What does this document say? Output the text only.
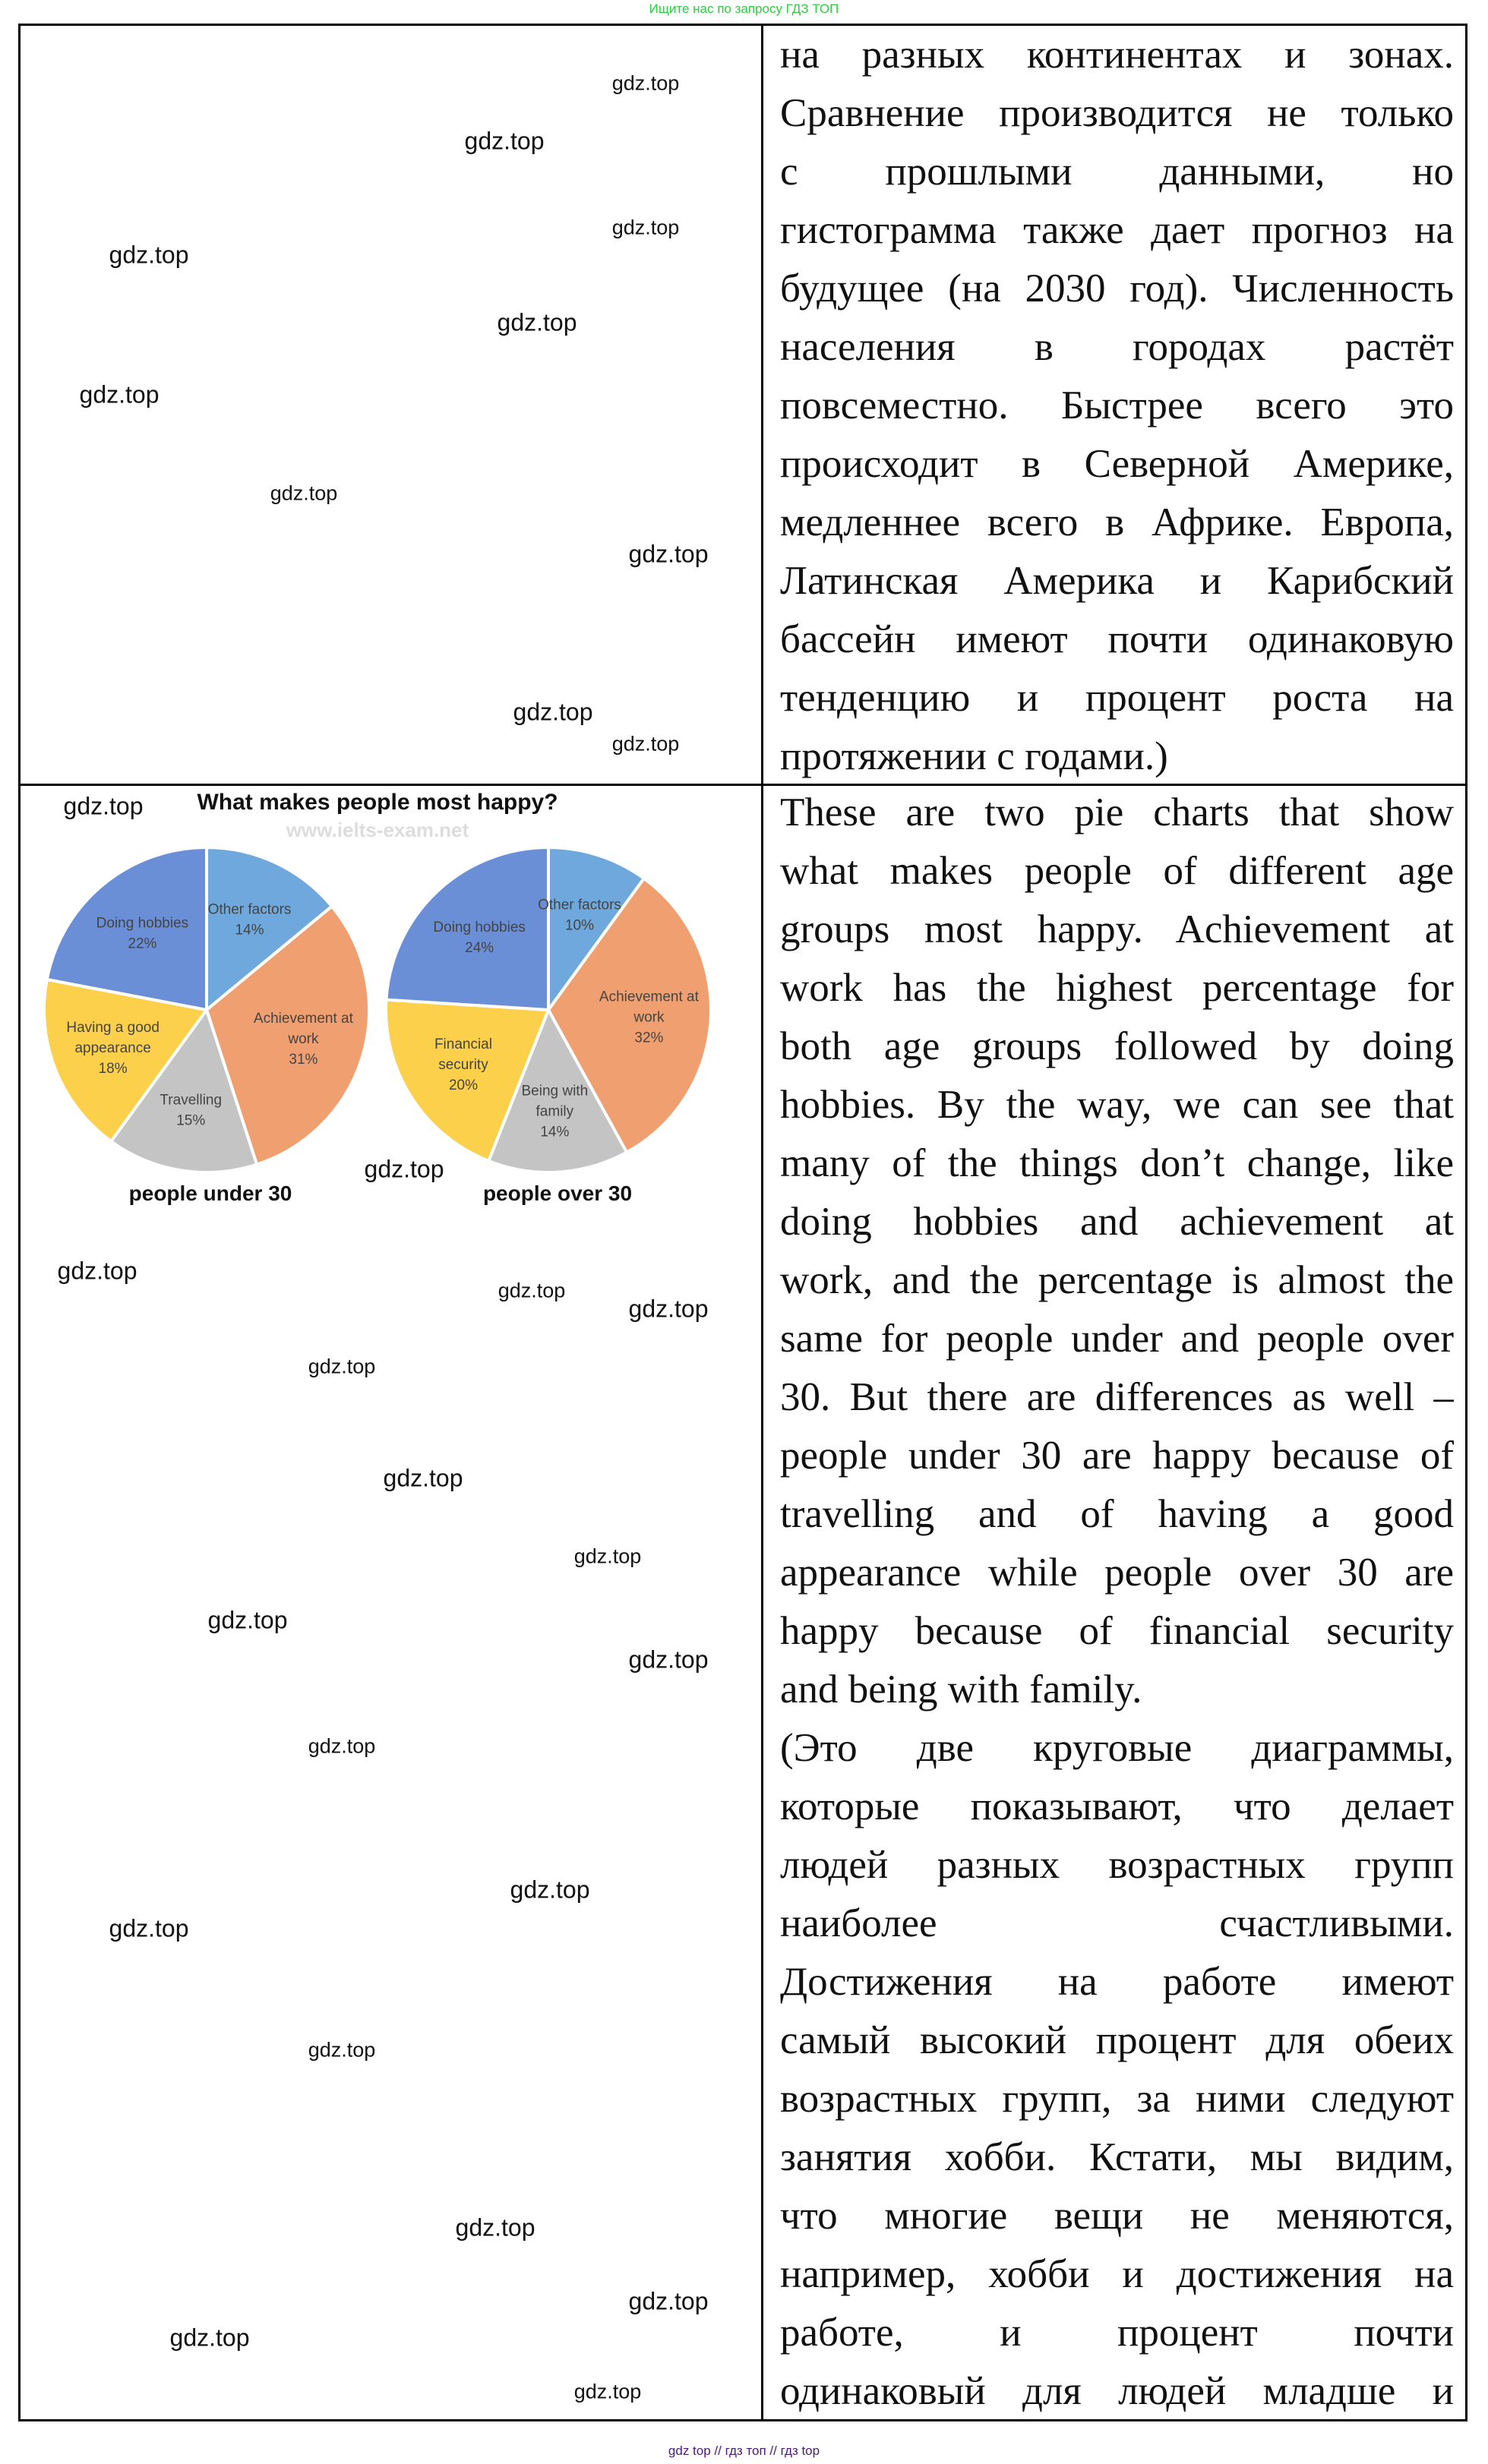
Ищите нас по запросу ГДЗ ТОП
на разных континентах и зонах.
Сравнение производится не только
с прошлыми данными, но
гистограмма также дает прогноз на
будущее (на 2030 год). Численность
населения в городах растёт
повсеместно. Быстрее всего это
происходит в Северной Америке,
медленнее всего в Африке. Европа,
Латинская Америка и Карибский
бассейн имеют почти одинаковую
тенденцию и процент роста на
протяжении с годами.)
These are two pie charts that show
what makes people of different age
groups most happy. Achievement at
work has the highest percentage for
both age groups followed by doing
hobbies. By the way, we can see that
many of the things don’t change, like
doing hobbies and achievement at
work, and the percentage is almost the
same for people under and people over
30. But there are differences as well –
people under 30 are happy because of
travelling and of having a good
appearance while people over 30 are
happy because of financial security
and being with family.
(Это две круговые диаграммы,
которые показывают, что делает
людей разных возрастных групп
наиболее счастливыми.
Достижения на работе имеют
самый высокий процент для обеих
возрастных групп, за ними следуют
занятия хобби. Кстати, мы видим,
что многие вещи не меняются,
например, хобби и достижения на
работе, и процент почти
одинаковый для людей младше и
What makes people most happy?
www.ielts-exam.net
Other factors 14%
Achievement at work 31%
Travelling 15%
Having a good appearance 18%
Doing hobbies 22%
Other factors 10%
Achievement at work 32%
Being with family 14%
Financial security 20%
Doing hobbies 24%
people under 30	people over 30
gdz.top
gdz.top
gdz.top
gdz.top
gdz.top
gdz.top
gdz.top
gdz.top
gdz.top
gdz.top
gdz.top
gdz.top
gdz.top
gdz.top
gdz.top
gdz.top
gdz.top
gdz.top
gdz.top
gdz.top
gdz.top
gdz.top
gdz.top
gdz.top
gdz.top
gdz.top
gdz.top
gdz.top
gdz top // гдз топ // гдз top
